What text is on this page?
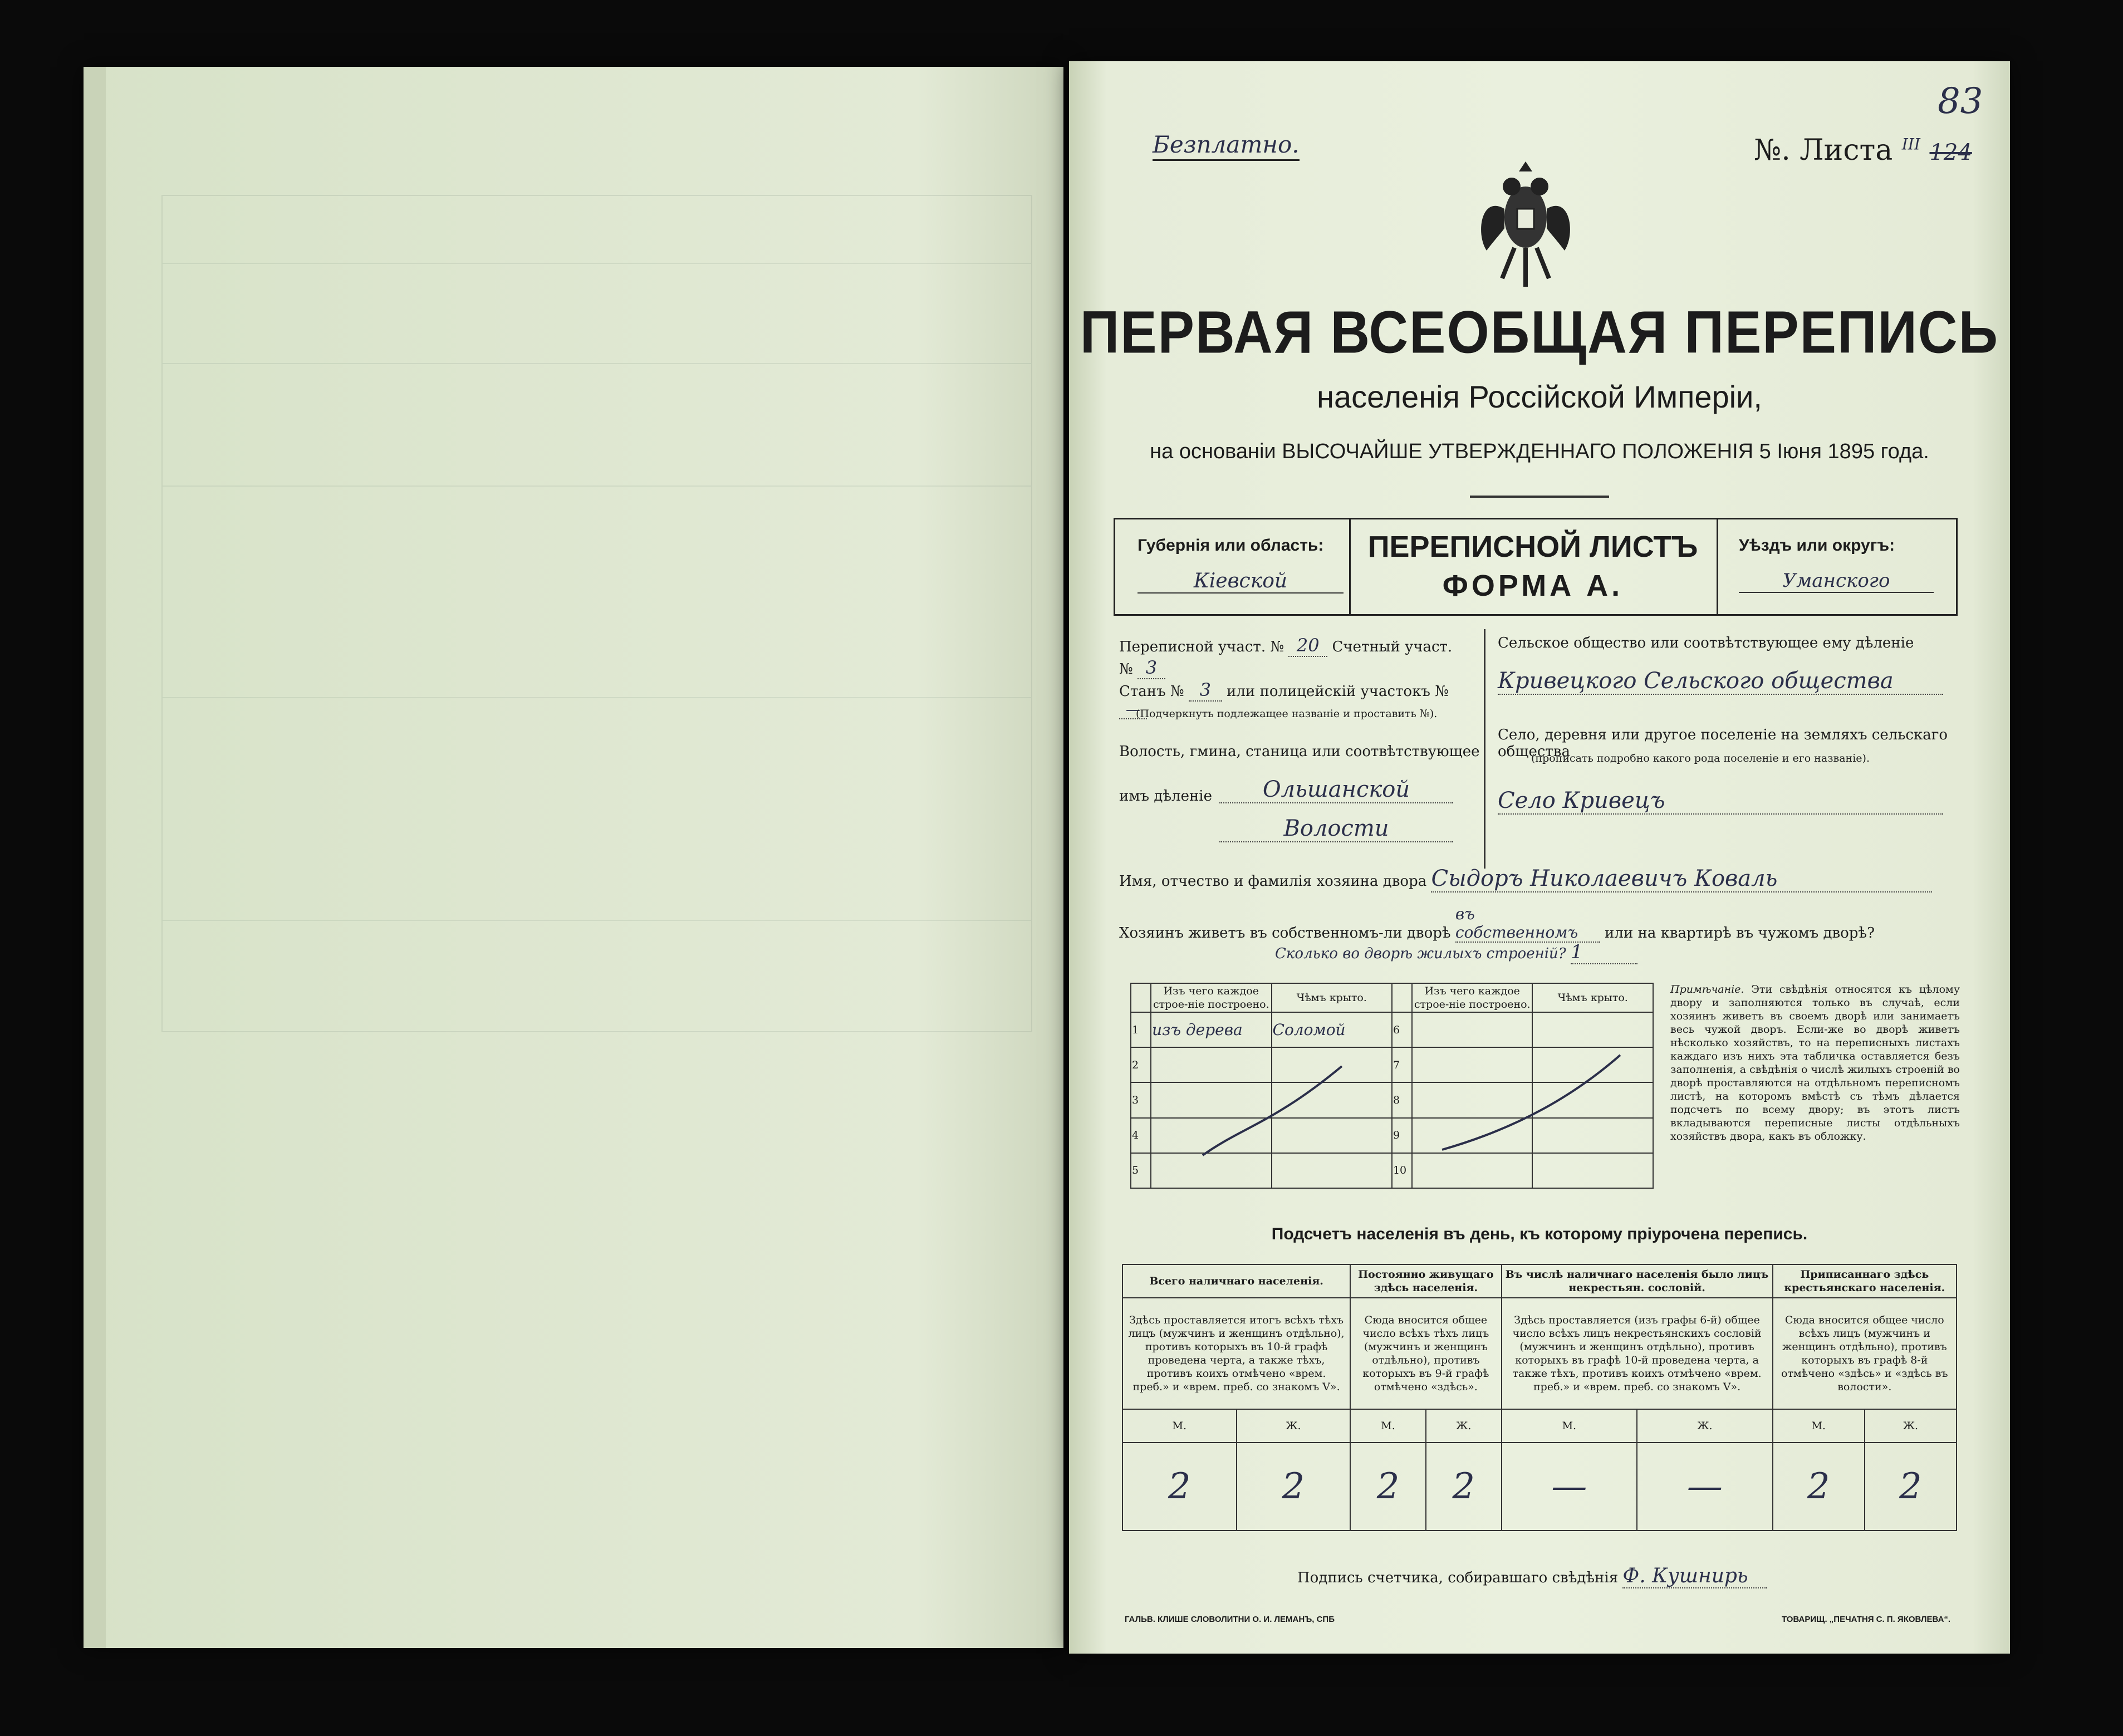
Безплатно.	№. Листа $^{III}$ 124
83
ПЕРВАЯ ВСЕОБЩАЯ ПЕРЕПИСЬ
населенія Россійской Имперіи,
на основаніи ВЫСОЧАЙШЕ УТВЕРЖДЕННАГО ПОЛОЖЕНІЯ 5 Іюня 1895 года.
Губернія или область:
Кіевской
ПЕРЕПИСНОЙ ЛИСТЪ
ФОРМА А.
Уѣздъ или округъ:
Уманского
Переписной участ. № 20 Счетный участ. № 3
Станъ № 3 или полицейскій участокъ № —
(Подчеркнуть подлежащее названіе и проставить №).
Волость, гмина, станица или соотвѣтствующее
имъ дѣленіе	Ольшанской
Волости
Сельское общество или соотвѣтствующее ему дѣленіе
Кривецкого Сельского общества
Село, деревня или другое поселеніе на земляхъ сельскаго общества
(прописать подробно какого рода поселеніе и его названіе).
Село Кривецъ
Имя, отчество и фамилія хозяина двора Сыдоръ Николаевичъ Коваль
Хозяинъ живетъ въ собственномъ-ли дворѣ въ собственномъ или на квартирѣ въ чужомъ дворѣ?
Сколько во дворѣ жилыхъ строеній? 1
	Изъ чего каждое строе-ніе построено.	Чѣмъ крыто.		Изъ чего каждое строе-ніе построено.	Чѣмъ крыто.
1	изъ дерева	Соломой	6		
2			7		
3			8		
4			9		
5			10		
Примѣчаніе. Эти свѣдѣнія относятся къ цѣлому двору и заполняются только въ случаѣ, если хозяинъ живетъ въ своемъ дворѣ или занимаетъ весь чужой дворъ. Если-же во дворѣ живетъ нѣсколько хозяйствъ, то на переписныхъ листахъ каждаго изъ нихъ эта табличка оставляется безъ заполненія, а свѣдѣнія о числѣ жилыхъ строеній во дворѣ проставляются на отдѣльномъ переписномъ листѣ, на которомъ вмѣстѣ съ тѣмъ дѣлается подсчетъ по всему двору; въ этотъ листъ вкладываются переписные листы отдѣльныхъ хозяйствъ двора, какъ въ обложку.
Подсчетъ населенія въ день, къ которому пріурочена перепись.
Всего наличнаго населенія.		Постоянно живущаго здѣсь населенія.		Въ числѣ наличнаго населенія было лицъ некрестьян. сословій.		Приписаннаго здѣсь крестьянскаго населенія.	
Здѣсь проставляется итогъ всѣхъ тѣхъ лицъ (мужчинъ и женщинъ отдѣльно), противъ которыхъ въ 10-й графѣ проведена черта, а также тѣхъ, противъ коихъ отмѣчено «врем. преб.» и «врем. преб. со знакомъ V».		Сюда вносится общее число всѣхъ тѣхъ лицъ (мужчинъ и женщинъ отдѣльно), противъ которыхъ въ 9-й графѣ отмѣчено «здѣсь».		Здѣсь проставляется (изъ графы 6-й) общее число всѣхъ лицъ некрестьянскихъ сословій (мужчинъ и женщинъ отдѣльно), противъ которыхъ въ графѣ 10-й проведена черта, а также тѣхъ, противъ коихъ отмѣчено «врем. преб.» и «врем. преб. со знакомъ V».		Сюда вносится общее число всѣхъ лицъ (мужчинъ и женщинъ отдѣльно), противъ которыхъ въ графѣ 8-й отмѣчено «здѣсь» и «здѣсь въ волости».	
М.	Ж.	М.	Ж.	М.	Ж.	М.	Ж.
2	2	2	2	—	—	2	2
Подпись счетчика, собиравшаго свѣдѣнія Ф. Кушнирь
ГАЛЬВ. КЛИШЕ СЛОВОЛИТНИ О. И. ЛЕМАНЪ, СПБ	ТОВАРИЩ. „ПЕЧАТНЯ С. П. ЯКОВЛЕВА“.
